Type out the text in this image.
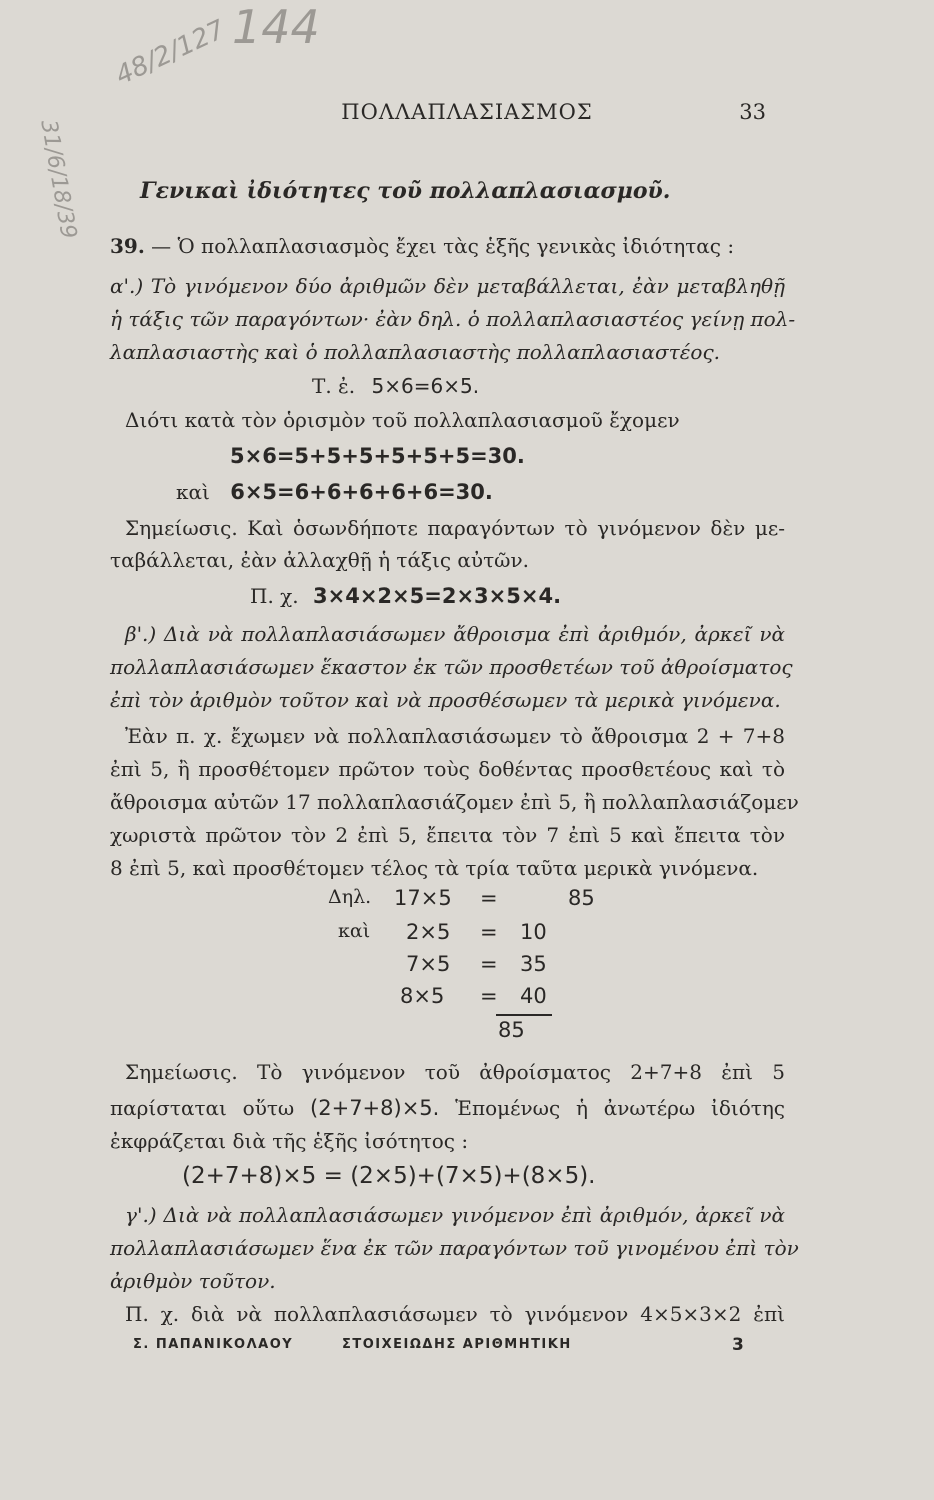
144
48/2/127
31/6/18/39
ΠΟΛΛΑΠΛΑΣΙΑΣΜΟΣ	33
Γενικαὶ ἰδιότητες τοῦ πολλαπλασιασμοῦ.
39. — Ὁ πολλαπλασιασμὸς ἔχει τὰς ἑξῆς γενικὰς ἰδιότητας :
α'.) Τὸ γινόμενον δύο ἀριθμῶν δὲν μεταβάλλεται, ἐὰν μεταβληθῇ
ἡ τάξις τῶν παραγόντων· ἐὰν δηλ. ὁ πολλαπλασιαστέος γείνῃ πολ-
λαπλασιαστὴς καὶ ὁ πολλαπλασιαστὴς πολλαπλασιαστέος.
Τ. ἐ. 5×6=6×5.
Διότι κατὰ τὸν ὁρισμὸν τοῦ πολλαπλασιασμοῦ ἔχομεν
5×6=5+5+5+5+5+5=30.
καὶ 6×5=6+6+6+6+6=30.
Σημείωσις. Καὶ ὁσωνδήποτε παραγόντων τὸ γινόμενον δὲν με-
ταβάλλεται, ἐὰν ἀλλαχθῇ ἡ τάξις αὐτῶν.
Π. χ. 3×4×2×5=2×3×5×4.
β'.) Διὰ νὰ πολλαπλασιάσωμεν ἄθροισμα ἐπὶ ἀριθμόν, ἀρκεῖ νὰ
πολλαπλασιάσωμεν ἕκαστον ἐκ τῶν προσθετέων τοῦ ἀθροίσματος
ἐπὶ τὸν ἀριθμὸν τοῦτον καὶ νὰ προσθέσωμεν τὰ μερικὰ γινόμενα.
Ἐὰν π. χ. ἔχωμεν νὰ πολλαπλασιάσωμεν τὸ ἄθροισμα 2 + 7+8
ἐπὶ 5, ἢ προσθέτομεν πρῶτον τοὺς δοθέντας προσθετέους καὶ τὸ
ἄθροισμα αὐτῶν 17 πολλαπλασιάζομεν ἐπὶ 5, ἢ πολλαπλασιάζομεν
χωριστὰ πρῶτον τὸν 2 ἐπὶ 5, ἔπειτα τὸν 7 ἐπὶ 5 καὶ ἔπειτα τὸν
8 ἐπὶ 5, καὶ προσθέτομεν τέλος τὰ τρία ταῦτα μερικὰ γινόμενα.
Δηλ. 17×5 =	85
καὶ 2×5 = 10
7×5 = 35
8×5 = 40
85
Σημείωσις. Τὸ γινόμενον τοῦ ἀθροίσματος 2+7+8 ἐπὶ 5
παρίσταται οὕτω (2+7+8)×5. Ἑπομένως ἡ ἀνωτέρω ἰδιότης
ἐκφράζεται διὰ τῆς ἑξῆς ἰσότητος :
(2+7+8)×5 = (2×5)+(7×5)+(8×5).
γ'.) Διὰ νὰ πολλαπλασιάσωμεν γινόμενον ἐπὶ ἀριθμόν, ἀρκεῖ νὰ
πολλαπλασιάσωμεν ἕνα ἐκ τῶν παραγόντων τοῦ γινομένου ἐπὶ τὸν
ἀριθμὸν τοῦτον.
Π. χ. διὰ νὰ πολλαπλασιάσωμεν τὸ γινόμενον 4×5×3×2 ἐπὶ
Σ. ΠΑΠΑΝΙΚΟΛΑΟΥ	ΣΤΟΙΧΕΙΩΔΗΣ ΑΡΙΘΜΗΤΙΚΗ	3
